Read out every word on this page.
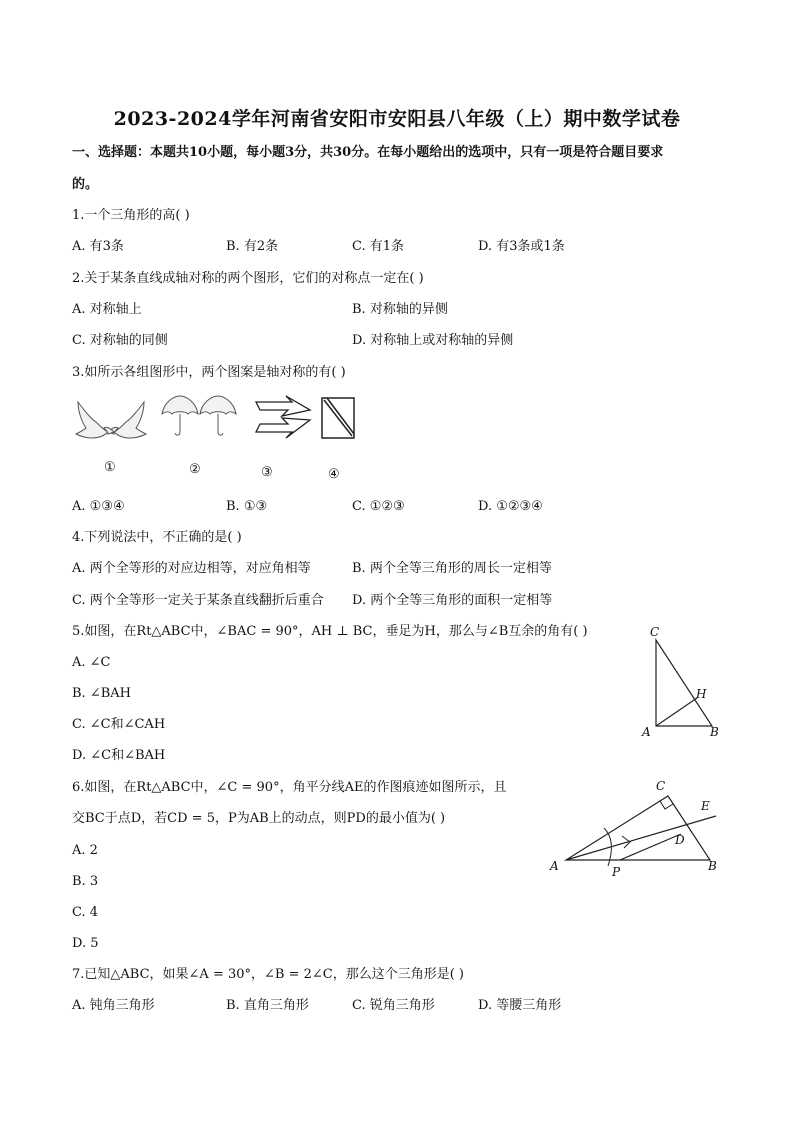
2023-2024学年河南省安阳市安阳县八年级（上）期中数学试卷
一、选择题：本题共10小题，每小题3分，共30分。在每小题给出的选项中，只有一项是符合题目要求
的。
1.一个三角形的高( )
A. 有3条	B. 有2条	C. 有1条	D. 有3条或1条
2.关于某条直线成轴对称的两个图形，它们的对称点一定在( )
A. 对称轴上	B. 对称轴的异侧
C. 对称轴的同侧	D. 对称轴上或对称轴的异侧
3.如所示各组图形中，两个图案是轴对称的有( )
①	②	③	④
A. ①③④	B. ①③	C. ①②③	D. ①②③④
4.下列说法中，不正确的是( )
A. 两个全等形的对应边相等，对应角相等	B. 两个全等三角形的周长一定相等
C. 两个全等形一定关于某条直线翻折后重合 D. 两个全等三角形的面积一定相等
5.如图，在Rt△ABC中，∠BAC = 90°，AH ⊥ BC，垂足为H，那么与∠B互余的角有( )
A. ∠C
B. ∠BAH
C. ∠C和∠CAH
D. ∠C和∠BAH
C
H
A	B
6.如图，在Rt△ABC中，∠C = 90°，角平分线AE的作图痕迹如图所示，且
交BC于点D，若CD = 5，P为AB上的动点，则PD的最小值为( )
A. 2
B. 3
C. 4
D. 5
C
E
D
A	P	B
7.已知△ABC，如果∠A = 30°，∠B = 2∠C，那么这个三角形是( )
A. 钝角三角形	B. 直角三角形	C. 锐角三角形	D. 等腰三角形
